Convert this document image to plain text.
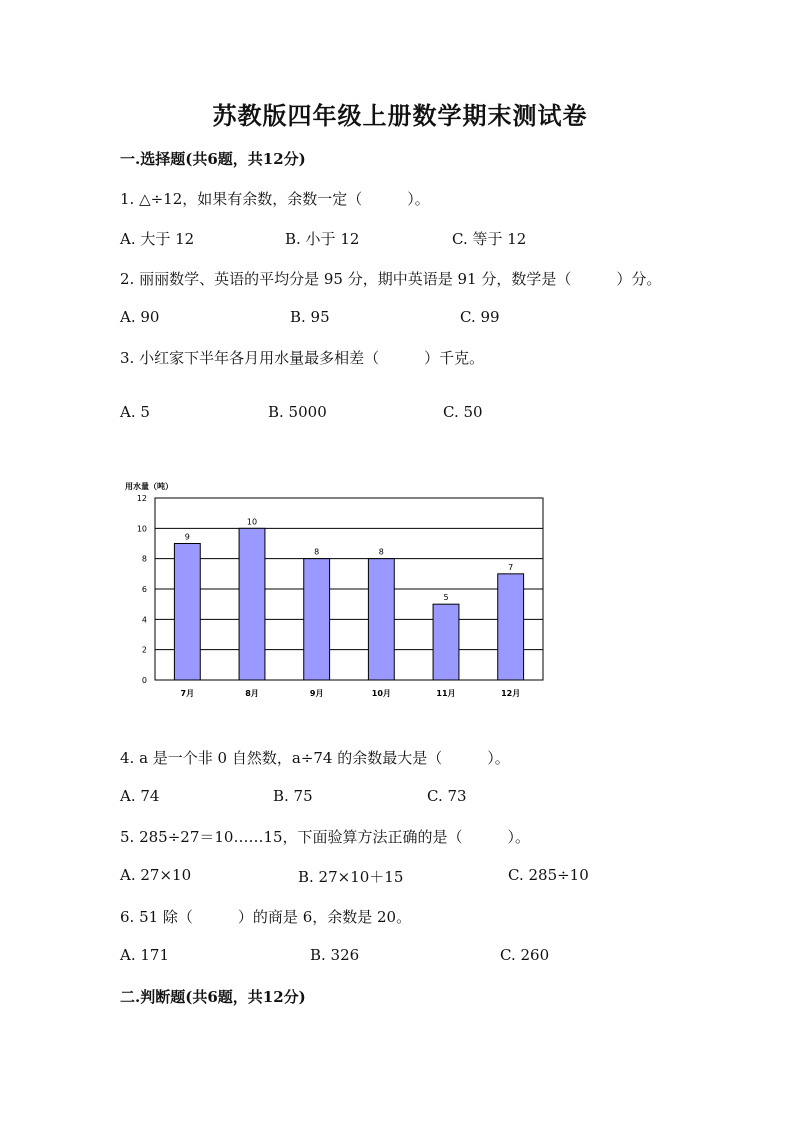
苏教版四年级上册数学期末测试卷
一.选择题(共6题，共12分)
1. △÷12，如果有余数，余数一定（　　　）。
A. 大于 12	B. 小于 12	C. 等于 12
2. 丽丽数学、英语的平均分是 95 分，期中英语是 91 分，数学是（　　　）分。
A. 90	B. 95	C. 99
3. 小红家下半年各月用水量最多相差（　　　）千克。
A. 5	B. 5000	C. 50
用水量（吨）
9
10
8	8
5
7
7月	8月	9月	10月	11月	12月
0
2
4
6
8
10
12
4. a 是一个非 0 自然数，a÷74 的余数最大是（　　　）。
A. 74	B. 75	C. 73
5. 285÷27＝10……15，下面验算方法正确的是（　　　）。
A. 27×10	B. 27×10＋15	C. 285÷10
6. 51 除（　　　）的商是 6，余数是 20。
A. 171	B. 326	C. 260
二.判断题(共6题，共12分)
